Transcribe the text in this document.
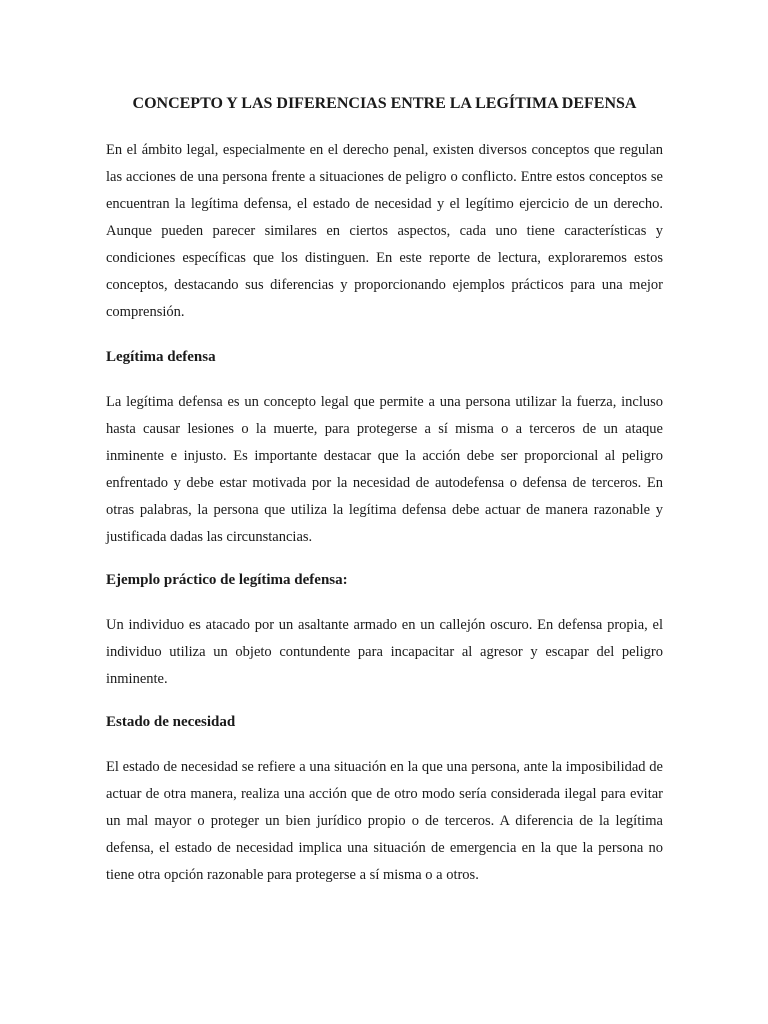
CONCEPTO Y LAS DIFERENCIAS ENTRE LA LEGÍTIMA DEFENSA

En el ámbito legal, especialmente en el derecho penal, existen diversos conceptos que regulan las acciones de una persona frente a situaciones de peligro o conflicto. Entre estos conceptos se encuentran la legítima defensa, el estado de necesidad y el legítimo ejercicio de un derecho. Aunque pueden parecer similares en ciertos aspectos, cada uno tiene características y condiciones específicas que los distinguen. En este reporte de lectura, exploraremos estos conceptos, destacando sus diferencias y proporcionando ejemplos prácticos para una mejor comprensión.

Legítima defensa

La legítima defensa es un concepto legal que permite a una persona utilizar la fuerza, incluso hasta causar lesiones o la muerte, para protegerse a sí misma o a terceros de un ataque inminente e injusto. Es importante destacar que la acción debe ser proporcional al peligro enfrentado y debe estar motivada por la necesidad de autodefensa o defensa de terceros. En otras palabras, la persona que utiliza la legítima defensa debe actuar de manera razonable y justificada dadas las circunstancias.

Ejemplo práctico de legítima defensa:

Un individuo es atacado por un asaltante armado en un callejón oscuro. En defensa propia, el individuo utiliza un objeto contundente para incapacitar al agresor y escapar del peligro inminente.

Estado de necesidad

El estado de necesidad se refiere a una situación en la que una persona, ante la imposibilidad de actuar de otra manera, realiza una acción que de otro modo sería considerada ilegal para evitar un mal mayor o proteger un bien jurídico propio o de terceros. A diferencia de la legítima defensa, el estado de necesidad implica una situación de emergencia en la que la persona no tiene otra opción razonable para protegerse a sí misma o a otros.
